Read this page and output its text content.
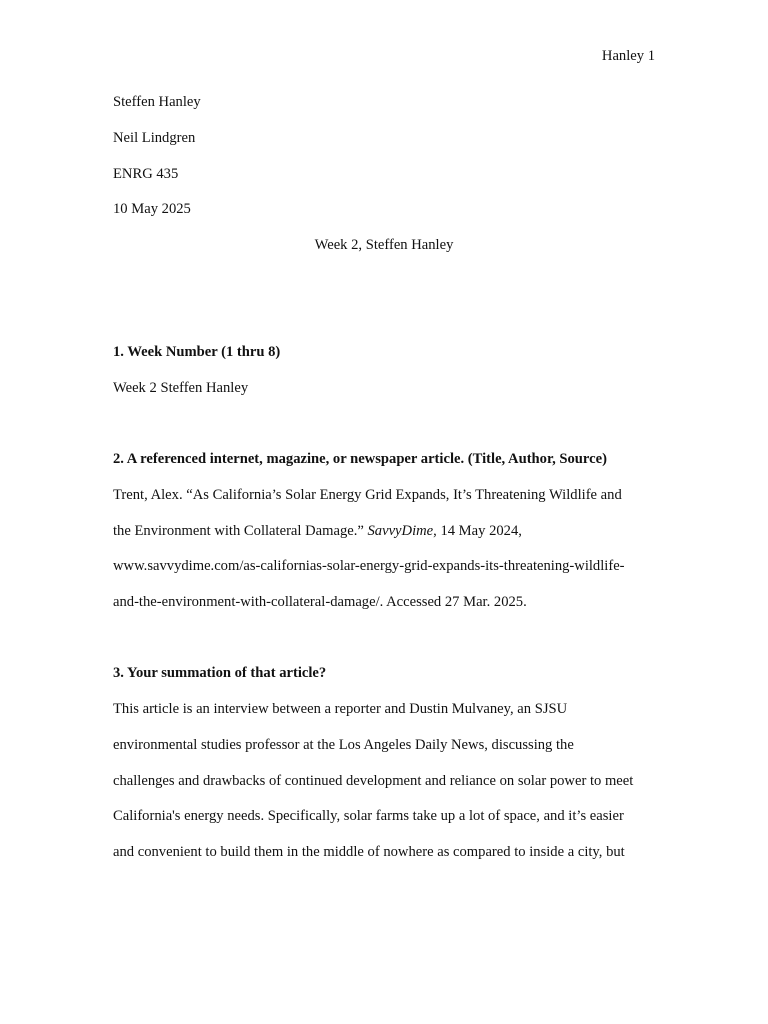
Hanley 1
Steffen Hanley
Neil Lindgren
ENRG 435
10 May 2025
Week 2, Steffen Hanley
1. Week Number (1 thru 8)
Week 2 Steffen Hanley
2. A referenced internet, magazine, or newspaper article. (Title, Author, Source)
Trent, Alex. “As California’s Solar Energy Grid Expands, It’s Threatening Wildlife and
the Environment with Collateral Damage.” SavvyDime, 14 May 2024,
www.savvydime.com/as-californias-solar-energy-grid-expands-its-threatening-wildlife-
and-the-environment-with-collateral-damage/. Accessed 27 Mar. 2025.
3. Your summation of that article?
This article is an interview between a reporter and Dustin Mulvaney, an SJSU
environmental studies professor at the Los Angeles Daily News, discussing the
challenges and drawbacks of continued development and reliance on solar power to meet
California's energy needs. Specifically, solar farms take up a lot of space, and it’s easier
and convenient to build them in the middle of nowhere as compared to inside a city, but
